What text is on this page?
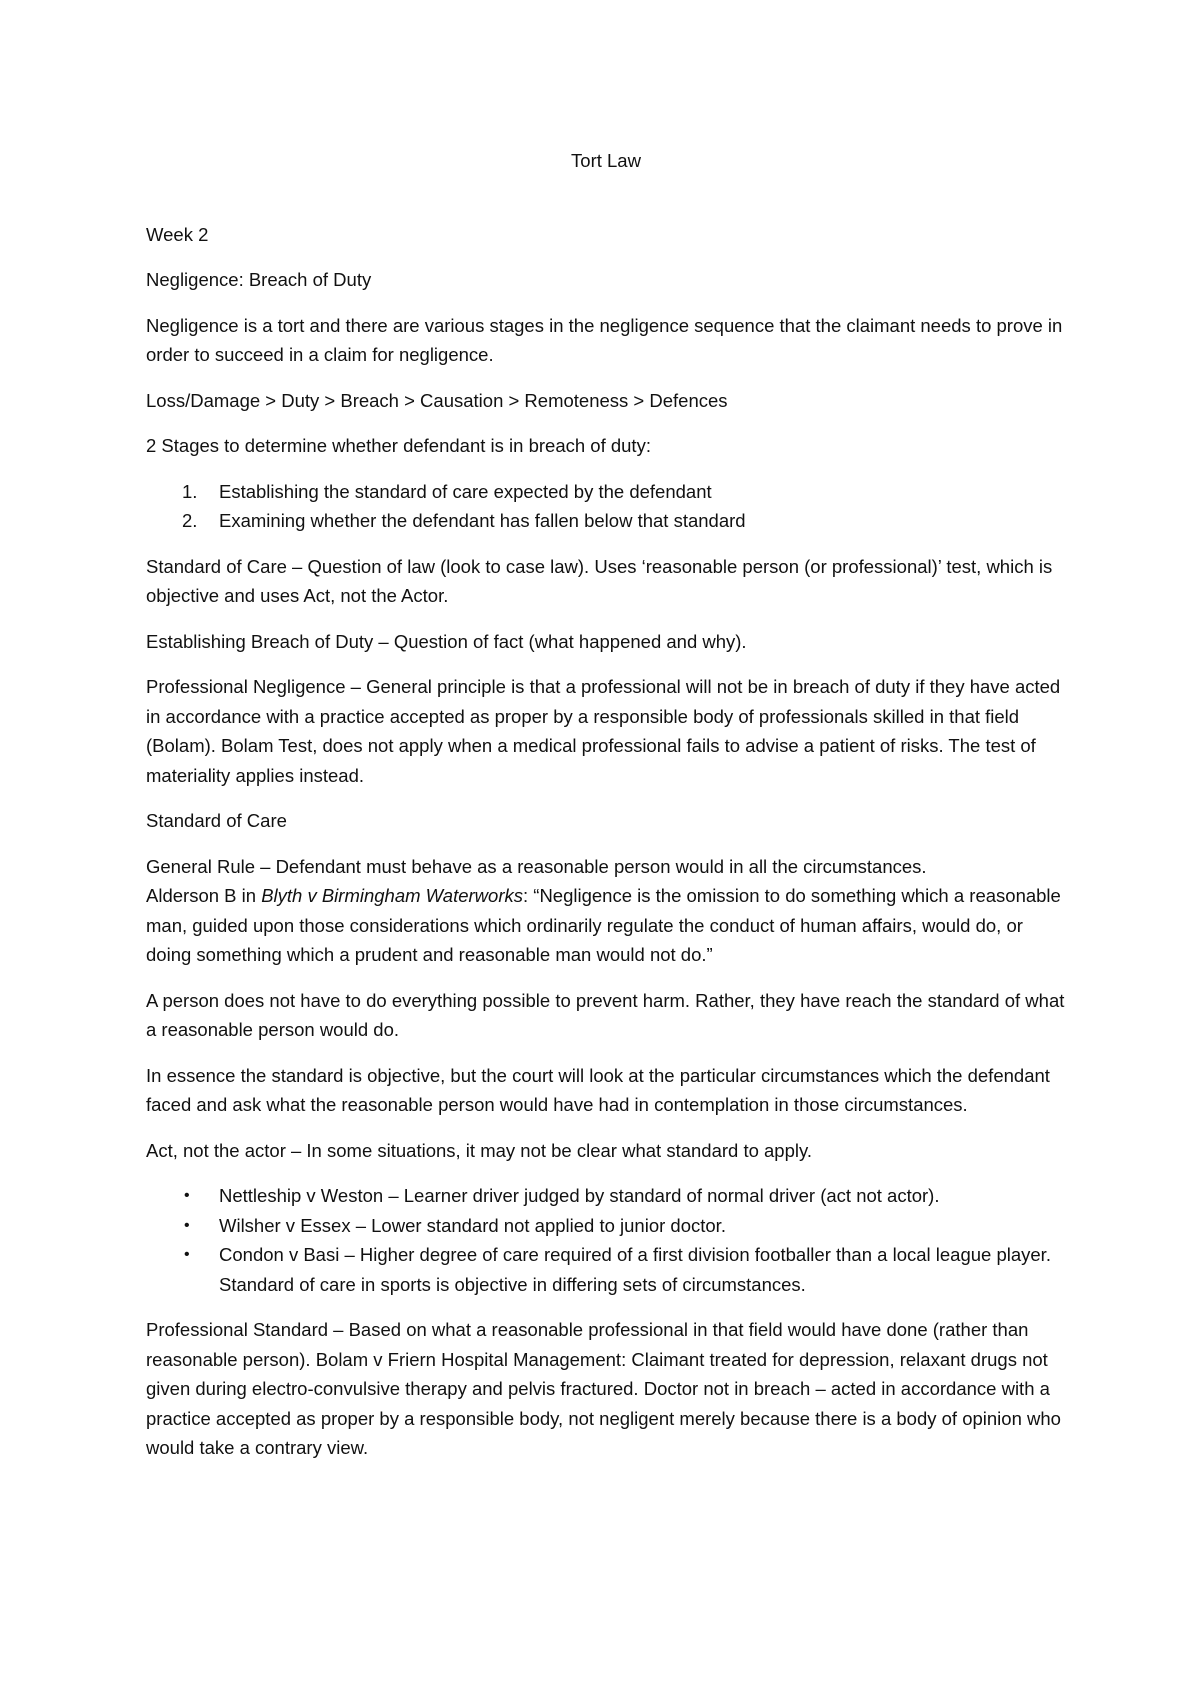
Tort Law

Week 2

Negligence: Breach of Duty

Negligence is a tort and there are various stages in the negligence sequence that the claimant needs to prove in order to succeed in a claim for negligence.

Loss/Damage > Duty > Breach > Causation > Remoteness > Defences

2 Stages to determine whether defendant is in breach of duty:

1. Establishing the standard of care expected by the defendant
2. Examining whether the defendant has fallen below that standard

Standard of Care – Question of law (look to case law). Uses ‘reasonable person (or professional)’ test, which is objective and uses Act, not the Actor.

Establishing Breach of Duty – Question of fact (what happened and why).

Professional Negligence – General principle is that a professional will not be in breach of duty if they have acted in accordance with a practice accepted as proper by a responsible body of professionals skilled in that field (Bolam). Bolam Test, does not apply when a medical professional fails to advise a patient of risks. The test of materiality applies instead.

Standard of Care

General Rule – Defendant must behave as a reasonable person would in all the circumstances.
Alderson B in Blyth v Birmingham Waterworks: “Negligence is the omission to do something which a reasonable man, guided upon those considerations which ordinarily regulate the conduct of human affairs, would do, or doing something which a prudent and reasonable man would not do.”

A person does not have to do everything possible to prevent harm. Rather, they have reach the standard of what a reasonable person would do.

In essence the standard is objective, but the court will look at the particular circumstances which the defendant faced and ask what the reasonable person would have had in contemplation in those circumstances.

Act, not the actor – In some situations, it may not be clear what standard to apply.

• Nettleship v Weston – Learner driver judged by standard of normal driver (act not actor).
• Wilsher v Essex – Lower standard not applied to junior doctor.
• Condon v Basi – Higher degree of care required of a first division footballer than a local league player. Standard of care in sports is objective in differing sets of circumstances.

Professional Standard – Based on what a reasonable professional in that field would have done (rather than reasonable person). Bolam v Friern Hospital Management: Claimant treated for depression, relaxant drugs not given during electro-convulsive therapy and pelvis fractured. Doctor not in breach – acted in accordance with a practice accepted as proper by a responsible body, not negligent merely because there is a body of opinion who would take a contrary view.
